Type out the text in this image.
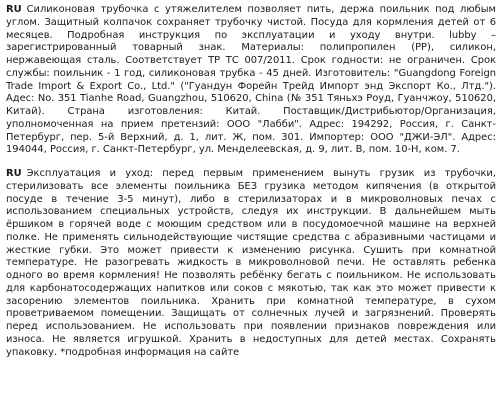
RU Силиконовая трубочка с утяжелителем позволяет пить, держа поильник под любым углом. Защитный колпачок сохраняет трубочку чистой. Посуда для кормления детей от 6 месяцев. Подробная инструкция по эксплуатации и уходу внутри. lubby – зарегистрированный товарный знак. Материалы: полипропилен (PP), силикон, нержавеющая сталь. Соответствует ТР ТС 007/2011. Срок годности: не ограничен. Срок службы: поильник - 1 год, силиконовая трубка - 45 дней. Изготовитель: "Guangdong Foreign Trade Import & Export Co., Ltd." ("Гуандун Форейн Трейд Импорт энд Экспорт Ко., Лтд."). Адес: No. 351 Tianhe Road, Guangzhou, 510620, China (№ 351 Тяньхэ Роуд, Гуанчжоу, 510620, Китай). Страна изготовления: Китай. Поставщик/Дистрибьютор/Организация, уполномоченная на прием претензий: ООО "Лабби". Адрес: 194292, Россия, г. Санкт-Петербург, пер. 5-й Верхний, д. 1, лит. Ж, пом. 301. Импортер: ООО "ДЖИ-ЭЛ". Адрес: 194044, Россия, г. Санкт-Петербург, ул. Менделеевская, д. 9, лит. В, пом. 10-Н, ком. 7.

RU Эксплуатация и уход: перед первым применением вынуть грузик из трубочки, стерилизовать все элементы поильника БЕЗ грузика методом кипячения (в открытой посуде в течение 3-5 минут), либо в стерилизаторах и в микроволновых печах с использованием специальных устройств, следуя их инструкции. В дальнейшем мыть ёршиком в горячей воде с моющим средством или в посудомоечной машине на верхней полке. Не применять сильнодействующие чистящие средства с абразивными частицами и жесткие губки. Это может привести к изменению рисунка. Сушить при комнатной температуре. Не разогревать жидкость в микроволновой печи. Не оставлять ребенка одного во время кормления! Не позволять ребёнку бегать с поильником. Не использовать для карбонатосодержащих напитков или соков с мякотью, так как это может привести к засорению элементов поильника. Хранить при комнатной температуре, в сухом проветриваемом помещении. Защищать от солнечных лучей и загрязнений. Проверять перед использованием. Не использовать при появлении признаков повреждения или износа. Не является игрушкой. Хранить в недоступных для детей местах. Сохранять упаковку. *подробная информация на сайте
